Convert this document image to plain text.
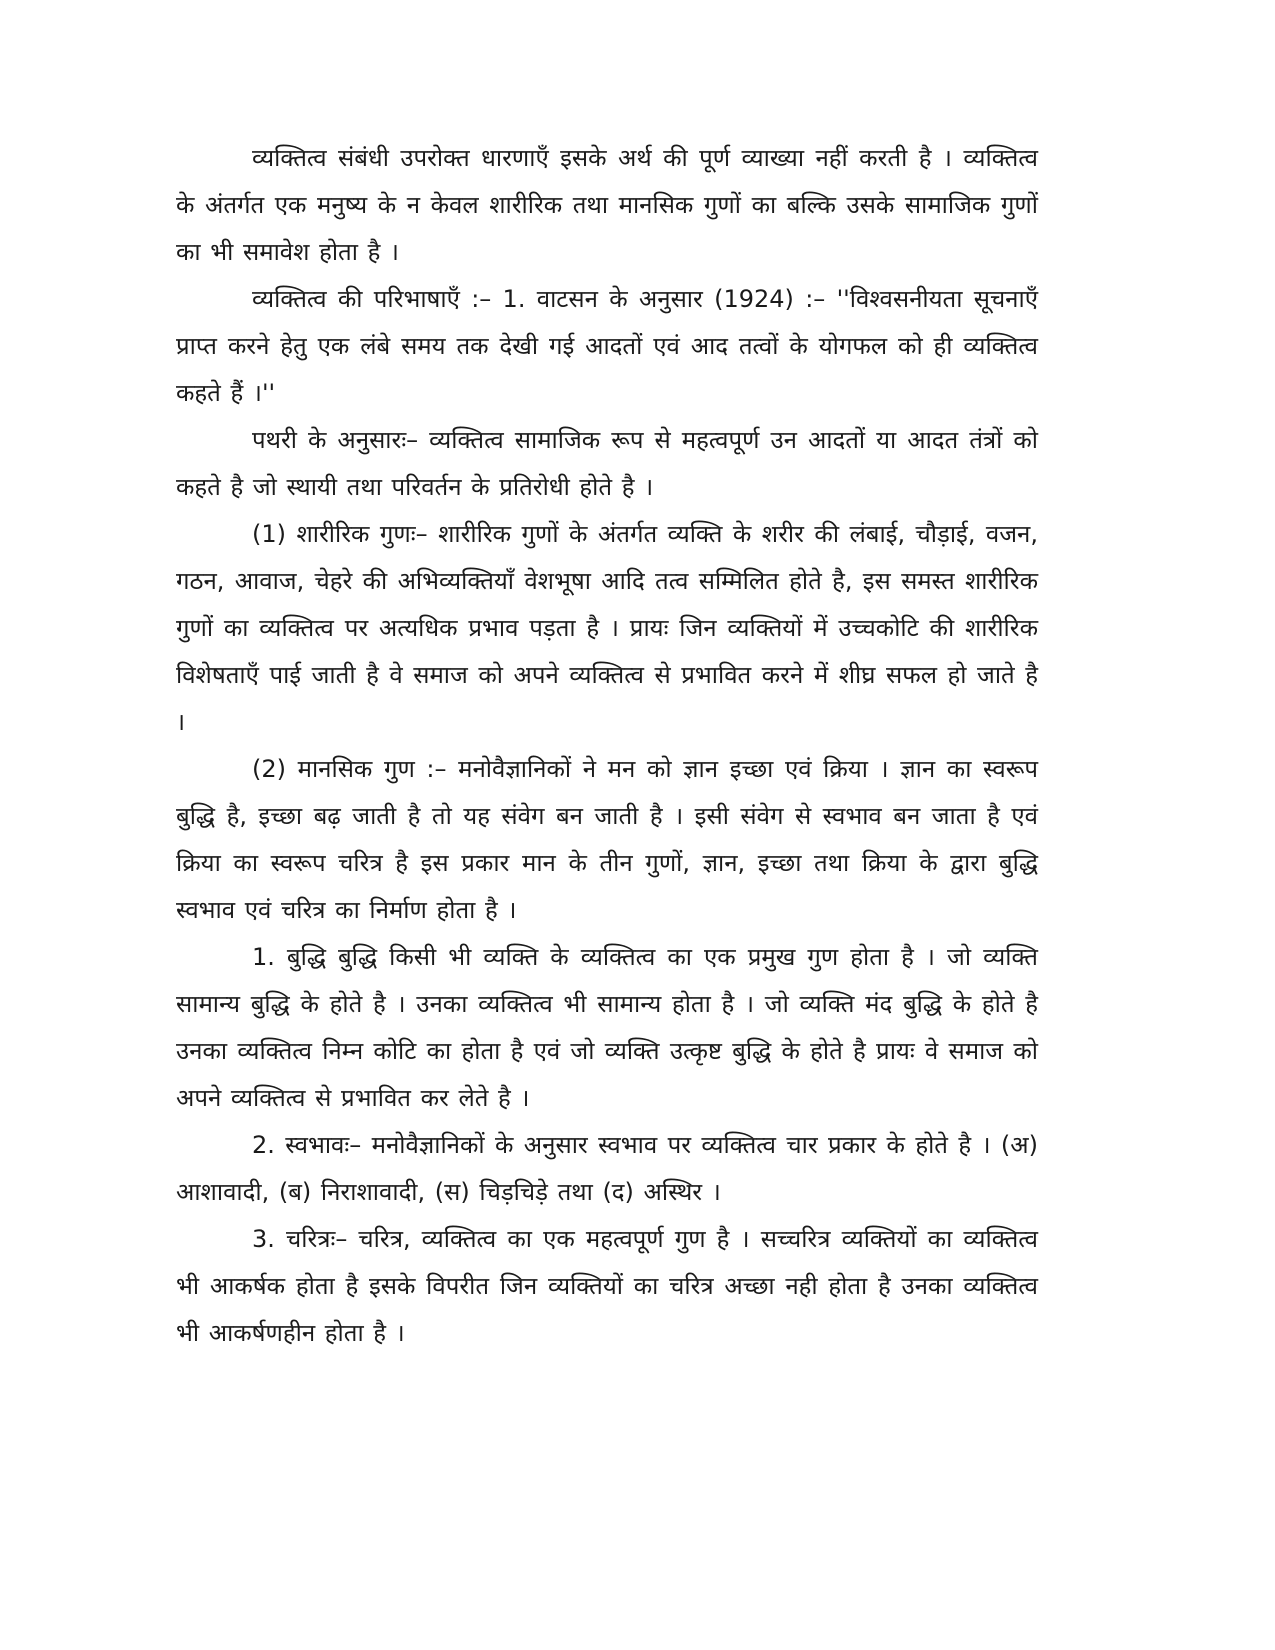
व्यक्तित्व संबंधी उपरोक्त धारणाएँ इसके अर्थ की पूर्ण व्याख्या नहीं करती है । व्यक्तित्व के अंतर्गत एक मनुष्य के न केवल शारीरिक तथा मानसिक गुणों का बल्कि उसके सामाजिक गुणों का भी समावेश होता है ।

व्यक्तित्व की परिभाषाएँ :– 1. वाटसन के अनुसार (1924) :– ''विश्वसनीयता सूचनाएँ प्राप्त करने हेतु एक लंबे समय तक देखी गई आदतों एवं आद तत्वों के योगफल को ही व्यक्तित्व कहते हैं ।''

पथरी के अनुसारः– व्यक्तित्व सामाजिक रूप से महत्वपूर्ण उन आदतों या आदत तंत्रों को कहते है जो स्थायी तथा परिवर्तन के प्रतिरोधी होते है ।

(1) शारीरिक गुणः– शारीरिक गुणों के अंतर्गत व्यक्ति के शरीर की लंबाई, चौड़ाई, वजन, गठन, आवाज, चेहरे की अभिव्यक्तियाँ वेशभूषा आदि तत्व सम्मिलित होते है, इस समस्त शारीरिक गुणों का व्यक्तित्व पर अत्यधिक प्रभाव पड़ता है । प्रायः जिन व्यक्तियों में उच्चकोटि की शारीरिक विशेषताएँ पाई जाती है वे समाज को अपने व्यक्तित्व से प्रभावित करने में शीघ्र सफल हो जाते है ।

(2) मानसिक गुण :– मनोवैज्ञानिकों ने मन को ज्ञान इच्छा एवं क्रिया । ज्ञान का स्वरूप बुद्धि है, इच्छा बढ़ जाती है तो यह संवेग बन जाती है । इसी संवेग से स्वभाव बन जाता है एवं क्रिया का स्वरूप चरित्र है इस प्रकार मान के तीन गुणों, ज्ञान, इच्छा तथा क्रिया के द्वारा बुद्धि स्वभाव एवं चरित्र का निर्माण होता है ।

1. बुद्धि बुद्धि किसी भी व्यक्ति के व्यक्तित्व का एक प्रमुख गुण होता है । जो व्यक्ति सामान्य बुद्धि के होते है । उनका व्यक्तित्व भी सामान्य होता है । जो व्यक्ति मंद बुद्धि के होते है उनका व्यक्तित्व निम्न कोटि का होता है एवं जो व्यक्ति उत्कृष्ट बुद्धि के होते है प्रायः वे समाज को अपने व्यक्तित्व से प्रभावित कर लेते है ।

2. स्वभावः– मनोवैज्ञानिकों के अनुसार स्वभाव पर व्यक्तित्व चार प्रकार के होते है । (अ) आशावादी, (ब) निराशावादी, (स) चिड़चिड़े तथा (द) अस्थिर ।

3. चरित्रः– चरित्र, व्यक्तित्व का एक महत्वपूर्ण गुण है । सच्चरित्र व्यक्तियों का व्यक्तित्व भी आकर्षक होता है इसके विपरीत जिन व्यक्तियों का चरित्र अच्छा नही होता है उनका व्यक्तित्व भी आकर्षणहीन होता है ।
